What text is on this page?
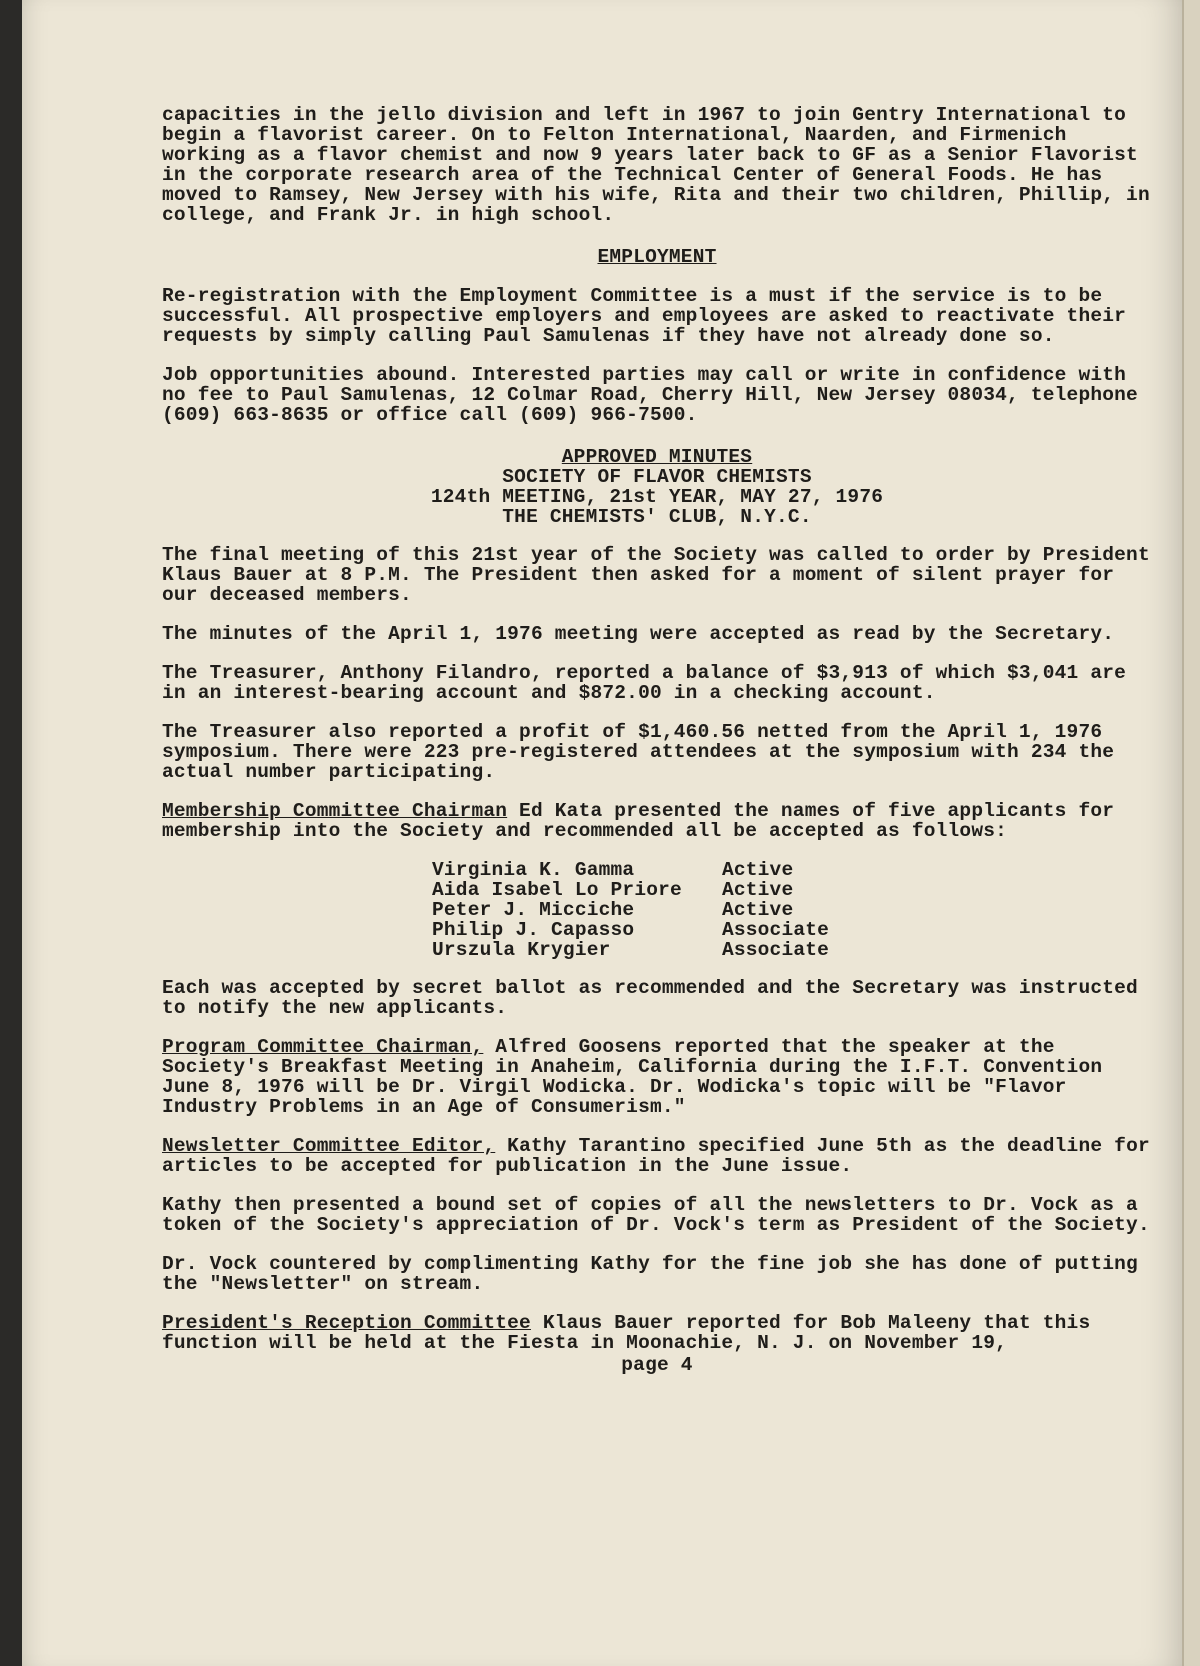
capacities in the jello division and left in 1967 to join Gentry International to begin a flavorist career. On to Felton International, Naarden, and Firmenich working as a flavor chemist and now 9 years later back to GF as a Senior Flavorist in the corporate research area of the Technical Center of General Foods. He has moved to Ramsey, New Jersey with his wife, Rita and their two children, Phillip, in college, and Frank Jr. in high school.

EMPLOYMENT

Re-registration with the Employment Committee is a must if the service is to be successful. All prospective employers and employees are asked to reactivate their requests by simply calling Paul Samulenas if they have not already done so.

Job opportunities abound. Interested parties may call or write in confidence with no fee to Paul Samulenas, 12 Colmar Road, Cherry Hill, New Jersey 08034, telephone (609) 663-8635 or office call (609) 966-7500.

APPROVED MINUTES
SOCIETY OF FLAVOR CHEMISTS
124th MEETING, 21st YEAR, MAY 27, 1976
THE CHEMISTS' CLUB, N.Y.C.

The final meeting of this 21st year of the Society was called to order by President Klaus Bauer at 8 P.M. The President then asked for a moment of silent prayer for our deceased members.

The minutes of the April 1, 1976 meeting were accepted as read by the Secretary.

The Treasurer, Anthony Filandro, reported a balance of $3,913 of which $3,041 are in an interest-bearing account and $872.00 in a checking account.

The Treasurer also reported a profit of $1,460.56 netted from the April 1, 1976 symposium. There were 223 pre-registered attendees at the symposium with 234 the actual number participating.

Membership Committee Chairman Ed Kata presented the names of five applicants for membership into the Society and recommended all be accepted as follows:

Virginia K. Gamma	Active
Aida Isabel Lo Priore	Active
Peter J. Micciche	Active
Philip J. Capasso	Associate
Urszula Krygier	Associate

Each was accepted by secret ballot as recommended and the Secretary was instructed to notify the new applicants.

Program Committee Chairman, Alfred Goosens reported that the speaker at the Society's Breakfast Meeting in Anaheim, California during the I.F.T. Convention June 8, 1976 will be Dr. Virgil Wodicka. Dr. Wodicka's topic will be "Flavor Industry Problems in an Age of Consumerism."

Newsletter Committee Editor, Kathy Tarantino specified June 5th as the deadline for articles to be accepted for publication in the June issue.

Kathy then presented a bound set of copies of all the newsletters to Dr. Vock as a token of the Society's appreciation of Dr. Vock's term as President of the Society.

Dr. Vock countered by complimenting Kathy for the fine job she has done of putting the "Newsletter" on stream.

President's Reception Committee Klaus Bauer reported for Bob Maleeny that this function will be held at the Fiesta in Moonachie, N. J. on November 19,

page 4
